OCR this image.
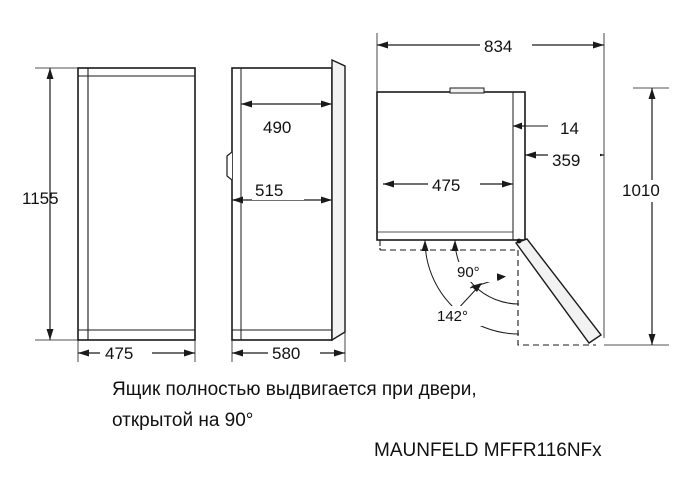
1155
475
490
515
580
90°
142°
834
1010
475
14
359
Ящик полностью выдвигается при двери,
открытой на 90°
MAUNFELD MFFR116NFx
